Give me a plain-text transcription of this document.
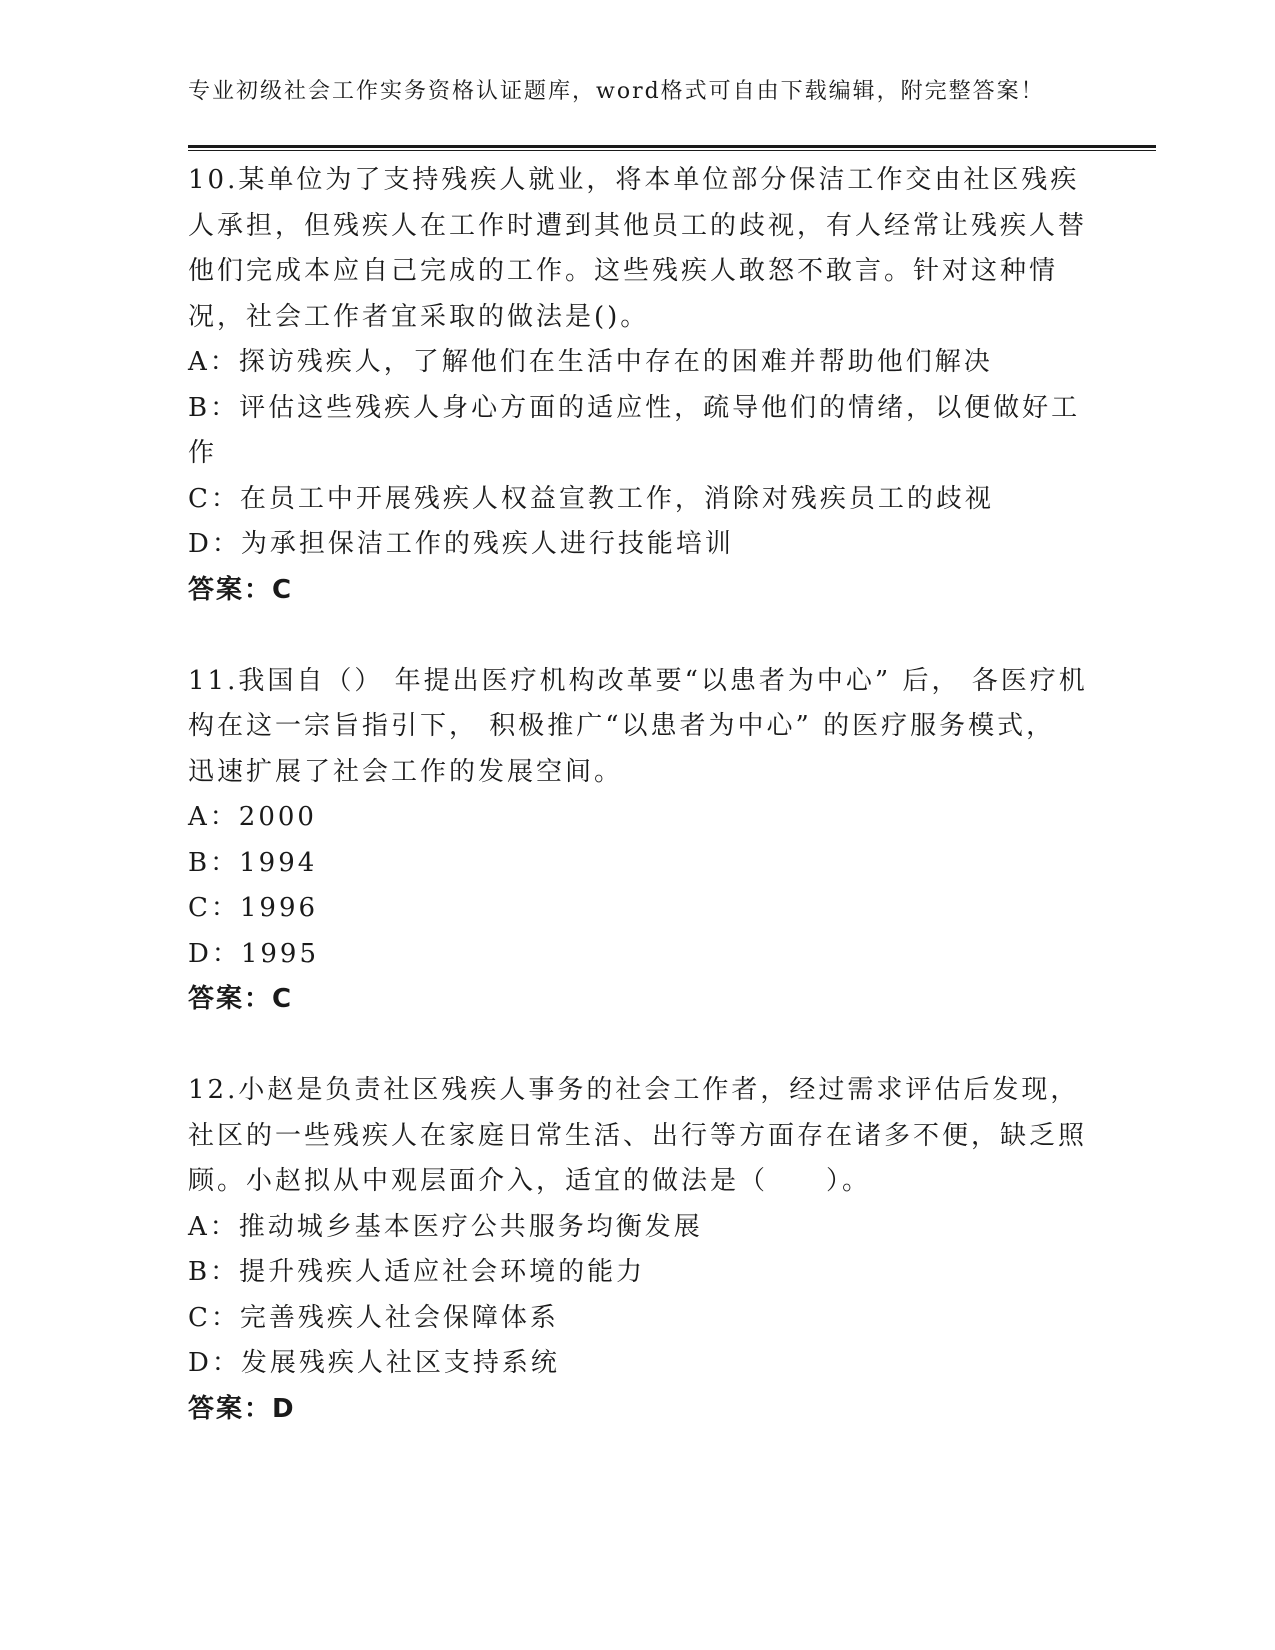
专业初级社会工作实务资格认证题库，word格式可自由下载编辑，附完整答案！

10.某单位为了支持残疾人就业，将本单位部分保洁工作交由社区残疾人承担，但残疾人在工作时遭到其他员工的歧视，有人经常让残疾人替他们完成本应自己完成的工作。这些残疾人敢怒不敢言。针对这种情况，社会工作者宜采取的做法是()。

A：探访残疾人，了解他们在生活中存在的困难并帮助他们解决

B：评估这些残疾人身心方面的适应性，疏导他们的情绪，以便做好工作

C：在员工中开展残疾人权益宣教工作，消除对残疾员工的歧视

D：为承担保洁工作的残疾人进行技能培训

答案：C

11.我国自（） 年提出医疗机构改革要“以患者为中心” 后， 各医疗机构在这一宗旨指引下， 积极推广“以患者为中心” 的医疗服务模式， 迅速扩展了社会工作的发展空间。

A：2000

B：1994

C：1996

D：1995

答案：C

12.小赵是负责社区残疾人事务的社会工作者，经过需求评估后发现，社区的一些残疾人在家庭日常生活、出行等方面存在诸多不便，缺乏照顾。小赵拟从中观层面介入，适宜的做法是（　　）。

A：推动城乡基本医疗公共服务均衡发展

B：提升残疾人适应社会环境的能力

C：完善残疾人社会保障体系

D：发展残疾人社区支持系统

答案：D
